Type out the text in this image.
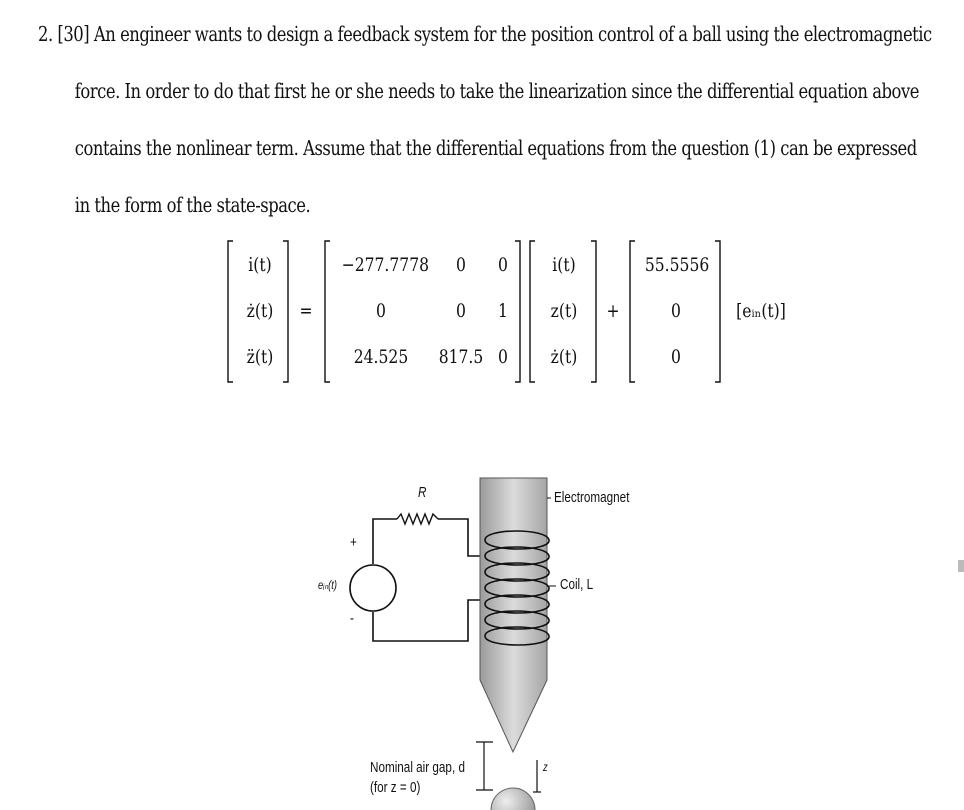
2. [30] An engineer wants to design a feedback system for the position control of a ball using the electromagnetic
force. In order to do that first he or she needs to take the linearization since the differential equation above
contains the nonlinear term. Assume that the differential equations from the question (1) can be expressed
in the form of the state-space.
i̇(t)
ż(t)
z̈(t)
=
−277.7778	0	0
0	0	1
24.525	817.5 0
i(t)
z(t)
ż(t)
+
55.5556
0
0
[eᵢₙ(t)]
R
+
-
eᵢₙ(t)
Electromagnet
Coil, L
Nominal air gap, d
(for z = 0)
z
